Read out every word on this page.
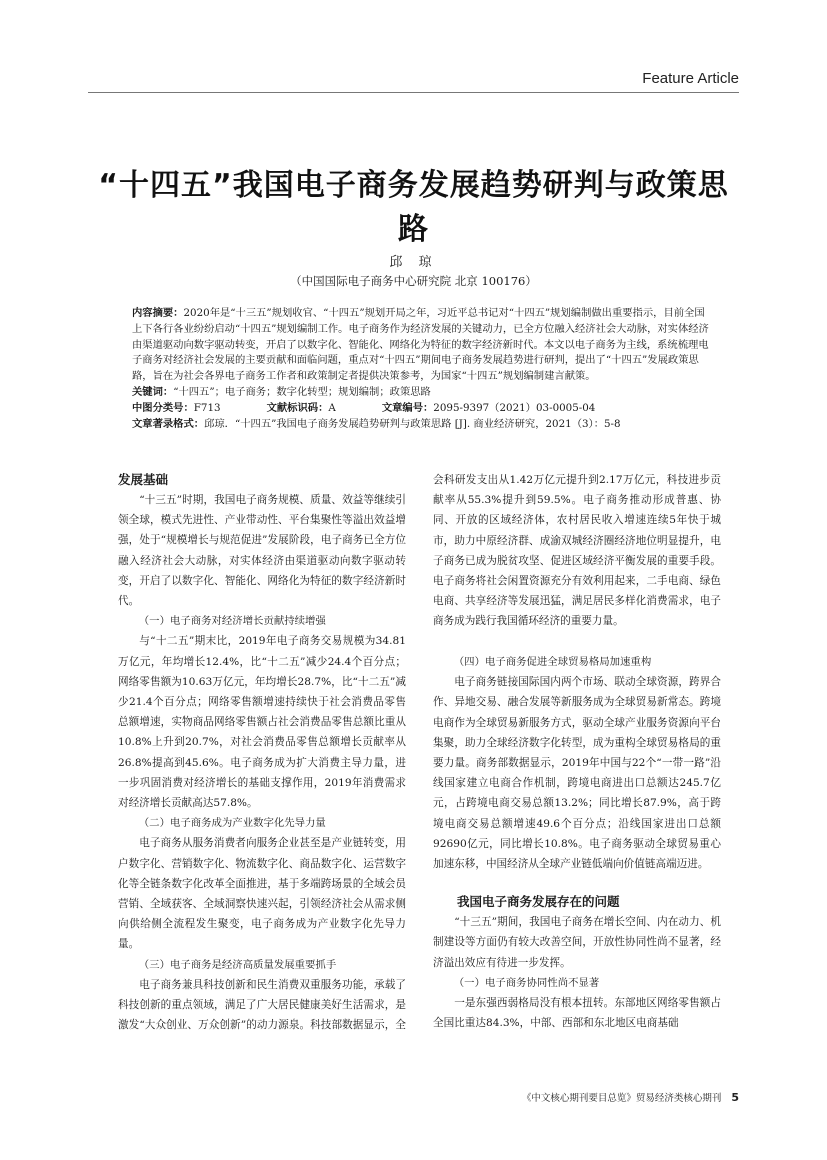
Feature Article
“十四五”我国电子商务发展趋势研判与政策思路
邱 琼
（中国国际电子商务中心研究院 北京 100176）

内容摘要：2020年是“十三五”规划收官、“十四五”规划开局之年，习近平总书记对“十四五”规划编制做出重要指示，目前全国上下各行各业纷纷启动“十四五”规划编制工作。电子商务作为经济发展的关键动力，已全方位融入经济社会大动脉，对实体经济由渠道驱动向数字驱动转变，开启了以数字化、智能化、网络化为特征的数字经济新时代。本文以电子商务为主线，系统梳理电子商务对经济社会发展的主要贡献和面临问题，重点对“十四五”期间电子商务发展趋势进行研判，提出了“十四五”发展政策思路，旨在为社会各界电子商务工作者和政策制定者提供决策参考，为国家“十四五”规划编制建言献策。

关键词：“十四五”；电子商务；数字化转型；规划编制；政策思路

中图分类号：F713	文献标识码：A	文章编号：2095-9397（2021）03-0005-04

文章著录格式：邱琼．“十四五”我国电子商务发展趋势研判与政策思路 [J]. 商业经济研究，2021（3）：5-8

发展基础

“十三五”时期，我国电子商务规模、质量、效益等继续引领全球，模式先进性、产业带动性、平台集聚性等溢出效益增强，处于“规模增长与规范促进”发展阶段，电子商务已全方位融入经济社会大动脉，对实体经济由渠道驱动向数字驱动转变，开启了以数字化、智能化、网络化为特征的数字经济新时代。

（一）电子商务对经济增长贡献持续增强

与“十二五”期末比，2019年电子商务交易规模为34.81万亿元，年均增长12.4%，比“十二五”减少24.4个百分点；网络零售额为10.63万亿元，年均增长28.7%，比“十二五”减少21.4个百分点；网络零售额增速持续快于社会消费品零售总额增速，实物商品网络零售额占社会消费品零售总额比重从10.8%上升到20.7%，对社会消费品零售总额增长贡献率从26.8%提高到45.6%。电子商务成为扩大消费主导力量，进一步巩固消费对经济增长的基础支撑作用，2019年消费需求对经济增长贡献高达57.8%。

（二）电子商务成为产业数字化先导力量

电子商务从服务消费者向服务企业甚至是产业链转变，用户数字化、营销数字化、物流数字化、商品数字化、运营数字化等全链条数字化改革全面推进，基于多端跨场景的全域会员营销、全域获客、全域洞察快速兴起，引领经济社会从需求侧向供给侧全流程发生聚变，电子商务成为产业数字化先导力量。

（三）电子商务是经济高质量发展重要抓手

电子商务兼具科技创新和民生消费双重服务功能，承载了科技创新的重点领域，满足了广大居民健康美好生活需求，是激发“大众创业、万众创新”的动力源泉。科技部数据显示，全

会科研发支出从1.42万亿元提升到2.17万亿元，科技进步贡献率从55.3%提升到59.5%。电子商务推动形成普惠、协同、开放的区域经济体，农村居民收入增速连续5年快于城市，助力中原经济群、成渝双城经济圈经济地位明显提升，电子商务已成为脱贫攻坚、促进区域经济平衡发展的重要手段。电子商务将社会闲置资源充分有效利用起来，二手电商、绿色电商、共享经济等发展迅猛，满足居民多样化消费需求，电子商务成为践行我国循环经济的重要力量。

（四）电子商务促进全球贸易格局加速重构

电子商务链接国际国内两个市场、联动全球资源，跨界合作、异地交易、融合发展等新服务成为全球贸易新常态。跨境电商作为全球贸易新服务方式，驱动全球产业服务资源向平台集聚，助力全球经济数字化转型，成为重构全球贸易格局的重要力量。商务部数据显示，2019年中国与22个“一带一路”沿线国家建立电商合作机制，跨境电商进出口总额达245.7亿元，占跨境电商交易总额13.2%；同比增长87.9%，高于跨境电商交易总额增速49.6个百分点；沿线国家进出口总额92690亿元，同比增长10.8%。电子商务驱动全球贸易重心加速东移，中国经济从全球产业链低端向价值链高端迈进。

我国电子商务发展存在的问题

“十三五”期间，我国电子商务在增长空间、内在动力、机制建设等方面仍有较大改善空间，开放性协同性尚不显著，经济溢出效应有待进一步发挥。

（一）电子商务协同性尚不显著

一是东强西弱格局没有根本扭转。东部地区网络零售额占全国比重达84.3%，中部、西部和东北地区电商基础

《中文核心期刊要目总览》贸易经济类核心期刊 5
